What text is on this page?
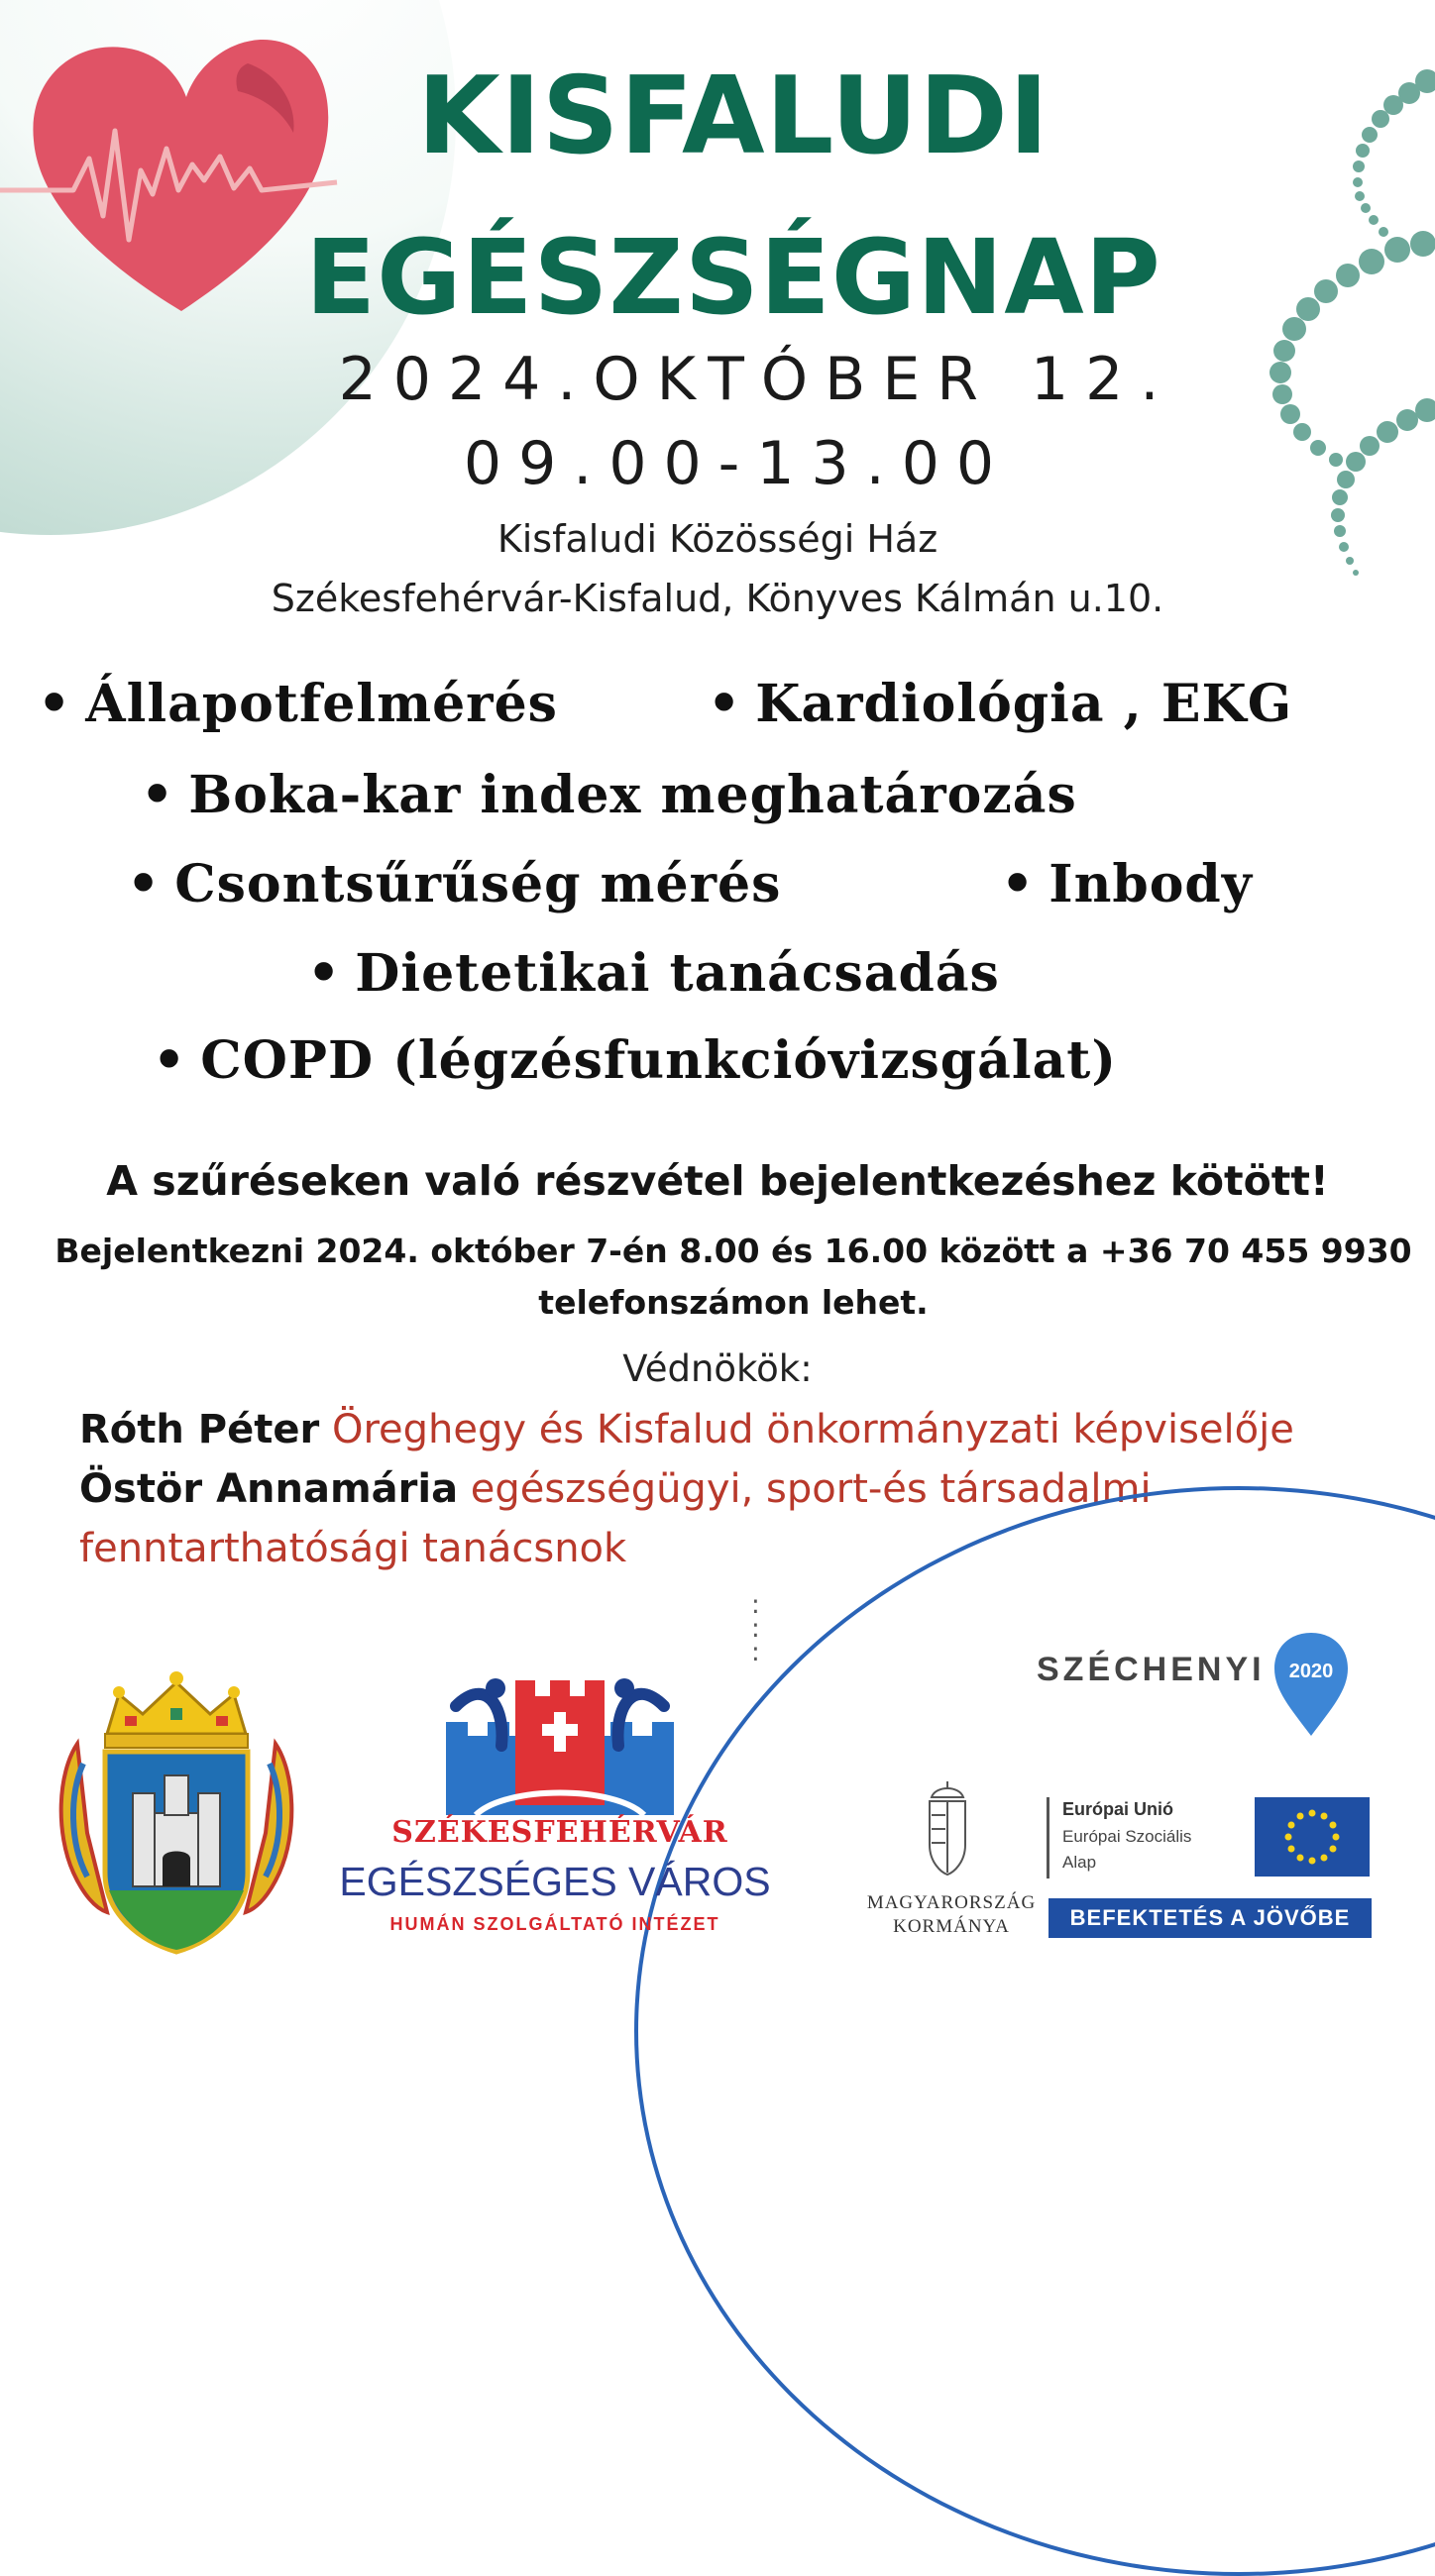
KISFALUDI
EGÉSZSÉGNAP
2024.OKTÓBER 12.
09.00-13.00
Kisfaludi Közösségi Ház
Székesfehérvár-Kisfalud, Könyves Kálmán u.10.
• Állapotfelmérés	• Kardiológia , EKG
• Boka-kar index meghatározás
• Csontsűrűség mérés	• Inbody
• Dietetikai tanácsadás
• COPD (légzésfunkcióvizsgálat)
A szűréseken való részvétel bejelentkezéshez kötött!
Bejelentkezni 2024. október 7-én 8.00 és 16.00 között a +36 70 455 9930 telefonszámon lehet.
Védnökök:
Róth Péter Öreghegy és Kisfalud önkormányzati képviselője
Östör Annamária egészségügyi, sport-és társadalmi
fenntarthatósági tanácsnok
:
:
:
SZÉKESFEHÉRVÁR
EGÉSZSÉGES VÁROS
HUMÁN SZOLGÁLTATÓ INTÉZET
SZÉCHENYI	2020
MAGYARORSZÁG
KORMÁNYA
Európai Unió
Európai Szociális
Alap
BEFEKTETÉS A JÖVŐBE
